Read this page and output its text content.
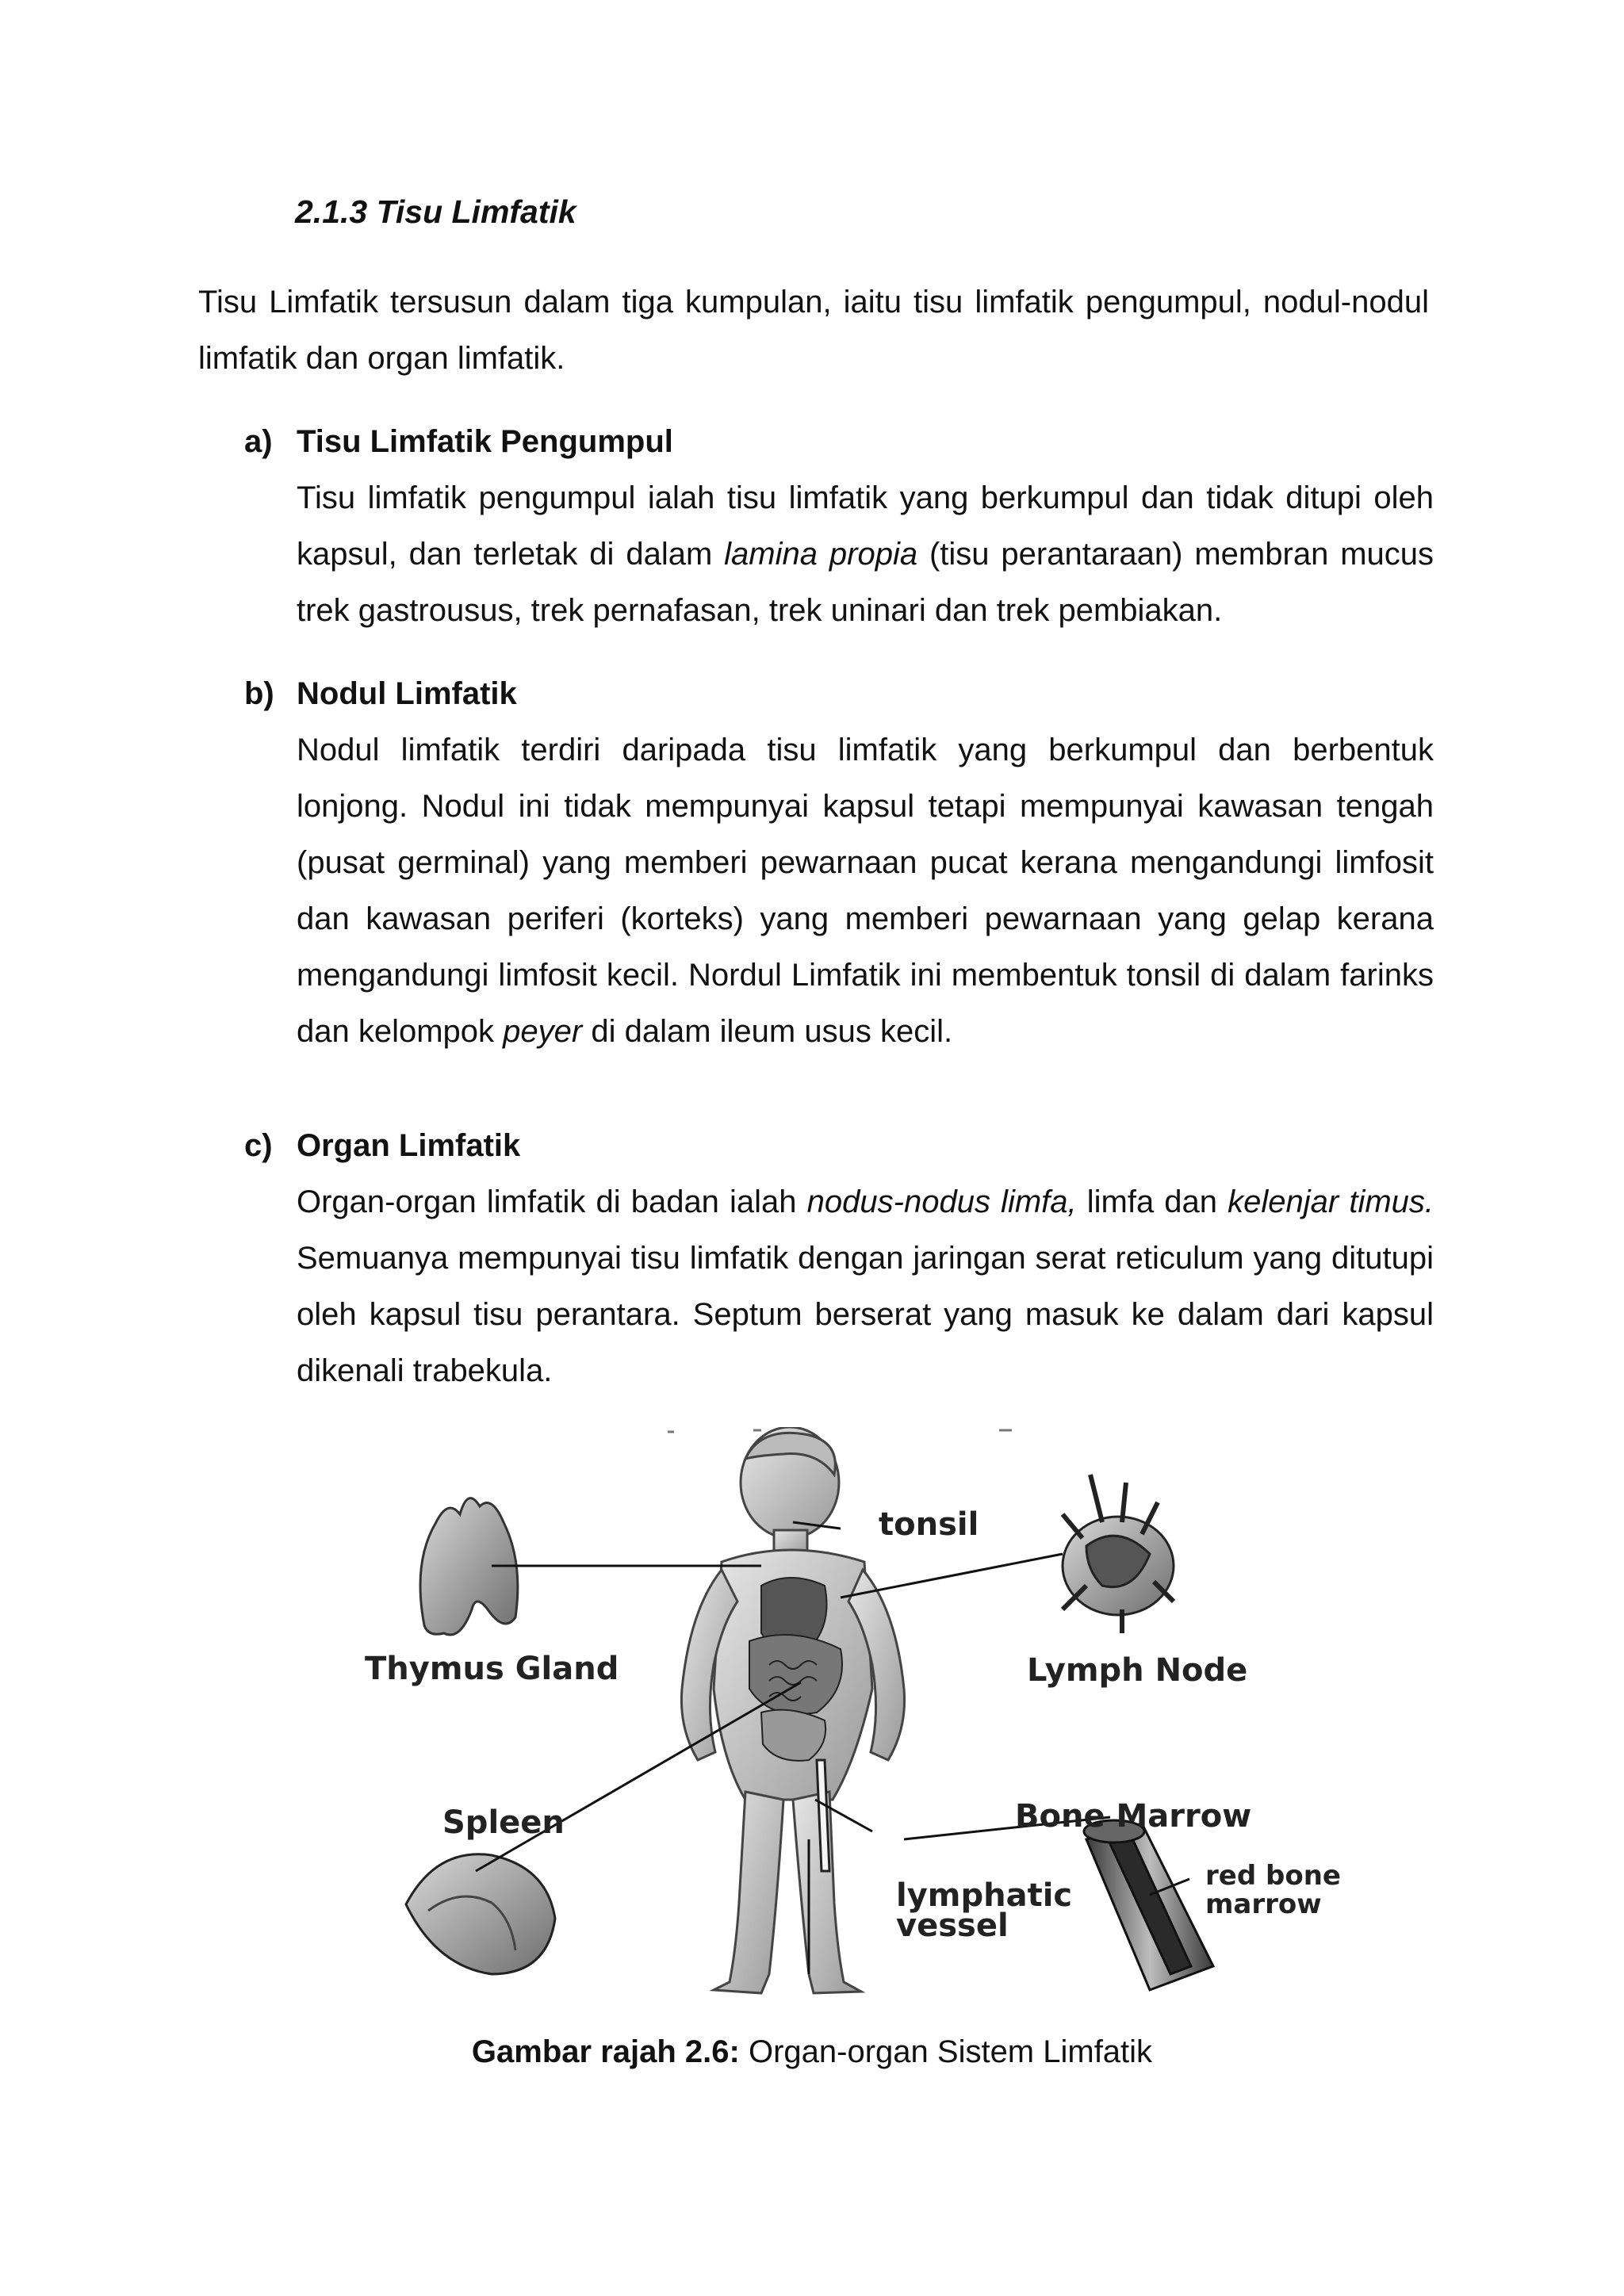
2.1.3 Tisu Limfatik

Tisu Limfatik tersusun dalam tiga kumpulan, iaitu tisu limfatik pengumpul, nodul-nodul limfatik dan organ limfatik.

a) Tisu Limfatik Pengumpul

Tisu limfatik pengumpul ialah tisu limfatik yang berkumpul dan tidak ditupi oleh kapsul, dan terletak di dalam lamina propia (tisu perantaraan) membran mucus trek gastrousus, trek pernafasan, trek uninari dan trek pembiakan.

b) Nodul Limfatik

Nodul limfatik terdiri daripada tisu limfatik yang berkumpul dan berbentuk lonjong. Nodul ini tidak mempunyai kapsul tetapi mempunyai kawasan tengah (pusat germinal) yang memberi pewarnaan pucat kerana mengandungi limfosit dan kawasan periferi (korteks) yang memberi pewarnaan yang gelap kerana mengandungi limfosit kecil. Nordul Limfatik ini membentuk tonsil di dalam farinks dan kelompok peyer di dalam ileum usus kecil.

c) Organ Limfatik

Organ-organ limfatik di badan ialah nodus-nodus limfa, limfa dan kelenjar timus. Semuanya mempunyai tisu limfatik dengan jaringan serat reticulum yang ditutupi oleh kapsul tisu perantara. Septum berserat yang masuk ke dalam dari kapsul dikenali trabekula.

tonsil
Thymus Gland	Lymph Node
Spleen	Bone Marrow
red bone
marrow
lymphatic
vessel
Gambar rajah 2.6: Organ-organ Sistem Limfatik
